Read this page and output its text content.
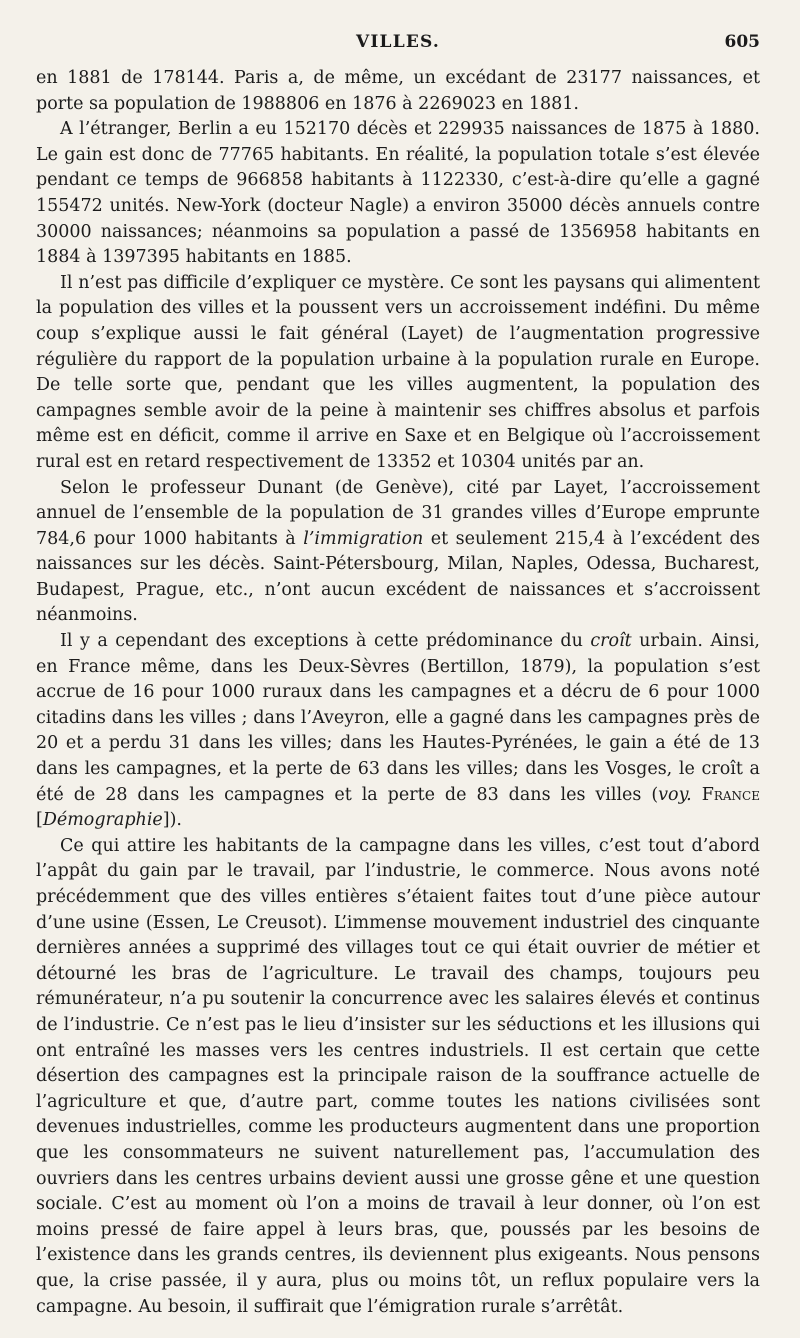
VILLES.	605

en 1881 de 178144. Paris a, de même, un excédant de 23177 naissances, et porte sa population de 1988806 en 1876 à 2269023 en 1881.

A l’étranger, Berlin a eu 152170 décès et 229935 naissances de 1875 à 1880. Le gain est donc de 77765 habitants. En réalité, la population totale s’est élevée pendant ce temps de 966858 habitants à 1122330, c’est-à-dire qu’elle a gagné 155472 unités. New-York (docteur Nagle) a environ 35000 décès annuels contre 30000 naissances; néanmoins sa population a passé de 1356958 habitants en 1884 à 1397395 habitants en 1885.

Il n’est pas difficile d’expliquer ce mystère. Ce sont les paysans qui alimentent la population des villes et la poussent vers un accroissement indéfini. Du même coup s’explique aussi le fait général (Layet) de l’augmentation progressive régulière du rapport de la population urbaine à la population rurale en Europe. De telle sorte que, pendant que les villes augmentent, la population des campagnes semble avoir de la peine à maintenir ses chiffres absolus et parfois même est en déficit, comme il arrive en Saxe et en Belgique où l’accroissement rural est en retard respectivement de 13352 et 10304 unités par an.

Selon le professeur Dunant (de Genève), cité par Layet, l’accroissement annuel de l’ensemble de la population de 31 grandes villes d’Europe emprunte 784,6 pour 1000 habitants à l’immigration et seulement 215,4 à l’excédent des naissances sur les décès. Saint-Pétersbourg, Milan, Naples, Odessa, Bucharest, Budapest, Prague, etc., n’ont aucun excédent de naissances et s’accroissent néanmoins.

Il y a cependant des exceptions à cette prédominance du croît urbain. Ainsi, en France même, dans les Deux-Sèvres (Bertillon, 1879), la population s’est accrue de 16 pour 1000 ruraux dans les campagnes et a décru de 6 pour 1000 citadins dans les villes ; dans l’Aveyron, elle a gagné dans les campagnes près de 20 et a perdu 31 dans les villes; dans les Hautes-Pyrénées, le gain a été de 13 dans les campagnes, et la perte de 63 dans les villes; dans les Vosges, le croît a été de 28 dans les campagnes et la perte de 83 dans les villes (voy. France [Démographie]).

Ce qui attire les habitants de la campagne dans les villes, c’est tout d’abord l’appât du gain par le travail, par l’industrie, le commerce. Nous avons noté précédemment que des villes entières s’étaient faites tout d’une pièce autour d’une usine (Essen, Le Creusot). L’immense mouvement industriel des cinquante dernières années a supprimé des villages tout ce qui était ouvrier de métier et détourné les bras de l’agriculture. Le travail des champs, toujours peu rémunérateur, n’a pu soutenir la concurrence avec les salaires élevés et continus de l’industrie. Ce n’est pas le lieu d’insister sur les séductions et les illusions qui ont entraîné les masses vers les centres industriels. Il est certain que cette désertion des campagnes est la principale raison de la souffrance actuelle de l’agriculture et que, d’autre part, comme toutes les nations civilisées sont devenues industrielles, comme les producteurs augmentent dans une proportion que les consommateurs ne suivent naturellement pas, l’accumulation des ouvriers dans les centres urbains devient aussi une grosse gêne et une question sociale. C’est au moment où l’on a moins de travail à leur donner, où l’on est moins pressé de faire appel à leurs bras, que, poussés par les besoins de l’existence dans les grands centres, ils deviennent plus exigeants. Nous pensons que, la crise passée, il y aura, plus ou moins tôt, un reflux populaire vers la campagne. Au besoin, il suffirait que l’émigration rurale s’arrêtât.
